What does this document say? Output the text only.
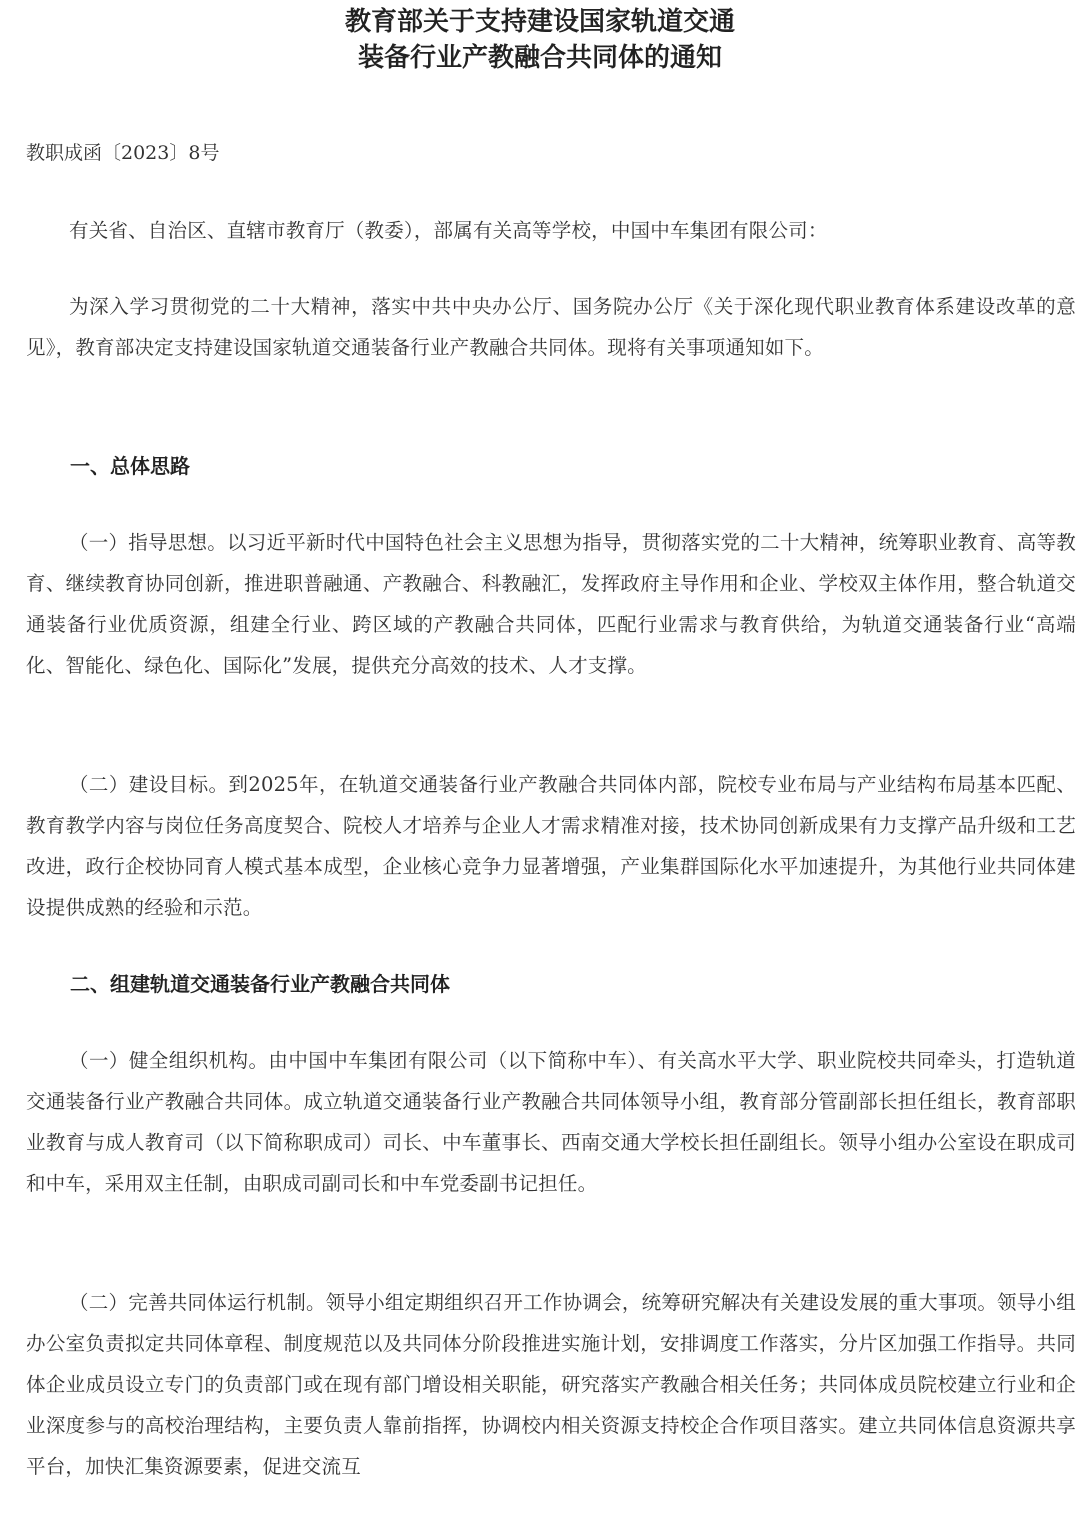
教育部关于支持建设国家轨道交通
装备行业产教融合共同体的通知
教职成函〔2023〕8号
有关省、自治区、直辖市教育厅（教委），部属有关高等学校，中国中车集团有限公司：
为深入学习贯彻党的二十大精神，落实中共中央办公厅、国务院办公厅《关于深化现代职业教育体系建设改革的意见》，教育部决定支持建设国家轨道交通装备行业产教融合共同体。现将有关事项通知如下。
一、总体思路
（一）指导思想。以习近平新时代中国特色社会主义思想为指导，贯彻落实党的二十大精神，统筹职业教育、高等教育、继续教育协同创新，推进职普融通、产教融合、科教融汇，发挥政府主导作用和企业、学校双主体作用，整合轨道交通装备行业优质资源，组建全行业、跨区域的产教融合共同体，匹配行业需求与教育供给，为轨道交通装备行业“高端化、智能化、绿色化、国际化”发展，提供充分高效的技术、人才支撑。
（二）建设目标。到2025年，在轨道交通装备行业产教融合共同体内部，院校专业布局与产业结构布局基本匹配、教育教学内容与岗位任务高度契合、院校人才培养与企业人才需求精准对接，技术协同创新成果有力支撑产品升级和工艺改进，政行企校协同育人模式基本成型，企业核心竞争力显著增强，产业集群国际化水平加速提升，为其他行业共同体建设提供成熟的经验和示范。
二、组建轨道交通装备行业产教融合共同体
（一）健全组织机构。由中国中车集团有限公司（以下简称中车）、有关高水平大学、职业院校共同牵头，打造轨道交通装备行业产教融合共同体。成立轨道交通装备行业产教融合共同体领导小组，教育部分管副部长担任组长，教育部职业教育与成人教育司（以下简称职成司）司长、中车董事长、西南交通大学校长担任副组长。领导小组办公室设在职成司和中车，采用双主任制，由职成司副司长和中车党委副书记担任。
（二）完善共同体运行机制。领导小组定期组织召开工作协调会，统筹研究解决有关建设发展的重大事项。领导小组办公室负责拟定共同体章程、制度规范以及共同体分阶段推进实施计划，安排调度工作落实，分片区加强工作指导。共同体企业成员设立专门的负责部门或在现有部门增设相关职能，研究落实产教融合相关任务；共同体成员院校建立行业和企业深度参与的高校治理结构，主要负责人靠前指挥，协调校内相关资源支持校企合作项目落实。建立共同体信息资源共享平台，加快汇集资源要素，促进交流互
